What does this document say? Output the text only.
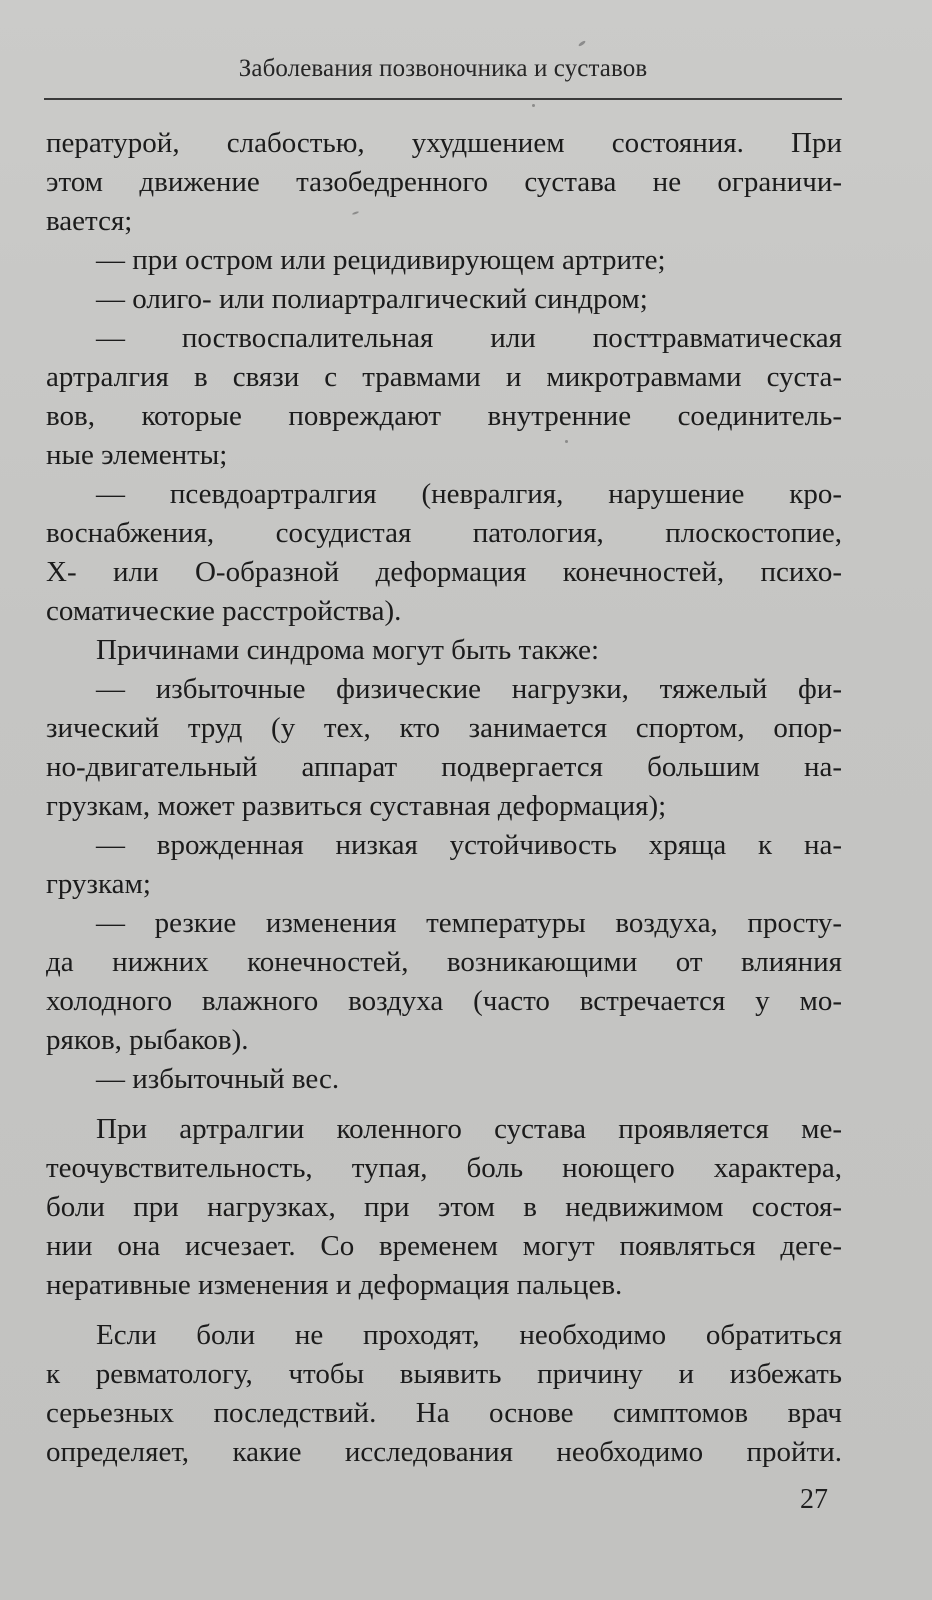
Заболевания позвоночника и суставов
пературой, слабостью, ухудшением состояния. При
этом движение тазобедренного сустава не ограничи-
вается;
— при остром или рецидивирующем артрите;
— олиго- или полиартралгический синдром;
— поствоспалительная или посттравматическая
артралгия в связи с травмами и микротравмами суста-
вов, которые повреждают внутренние соединитель-
ные элементы;
— псевдоартралгия (невралгия, нарушение кро-
воснабжения, сосудистая патология, плоскостопие,
Х- или О-образной деформация конечностей, психо-
соматические расстройства).
Причинами синдрома могут быть также:
— избыточные физические нагрузки, тяжелый фи-
зический труд (у тех, кто занимается спортом, опор-
но-двигательный аппарат подвергается большим на-
грузкам, может развиться суставная деформация);
— врожденная низкая устойчивость хряща к на-
грузкам;
— резкие изменения температуры воздуха, просту-
да нижних конечностей, возникающими от влияния
холодного влажного воздуха (часто встречается у мо-
ряков, рыбаков).
— избыточный вес.
При артралгии коленного сустава проявляется ме-
теочувствительность, тупая, боль ноющего характера,
боли при нагрузках, при этом в недвижимом состоя-
нии она исчезает. Со временем могут появляться деге-
неративные изменения и деформация пальцев.
Если боли не проходят, необходимо обратиться
к ревматологу, чтобы выявить причину и избежать
серьезных последствий. На основе симптомов врач
определяет, какие исследования необходимо пройти.
27
